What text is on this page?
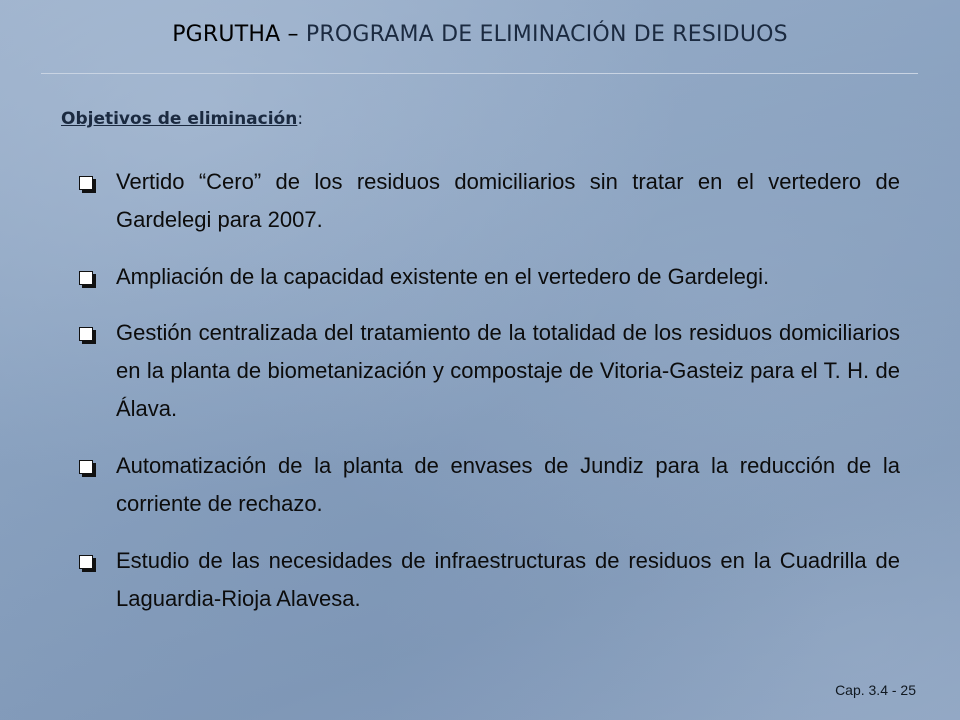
PGRUTHA – PROGRAMA DE ELIMINACIÓN DE RESIDUOS
Objetivos de eliminación:
Vertido “Cero” de los residuos domiciliarios sin tratar en el vertedero de Gardelegi para 2007.
Ampliación de la capacidad existente en el vertedero de Gardelegi.
Gestión centralizada del tratamiento de la totalidad de los residuos domiciliarios en la planta de biometanización y compostaje de Vitoria-Gasteiz para el T. H. de Álava.
Automatización de la planta de envases de Jundiz para la reducción de la corriente de rechazo.
Estudio de las necesidades de infraestructuras de residuos en la Cuadrilla de Laguardia-Rioja Alavesa.
Cap. 3.4 - 25
